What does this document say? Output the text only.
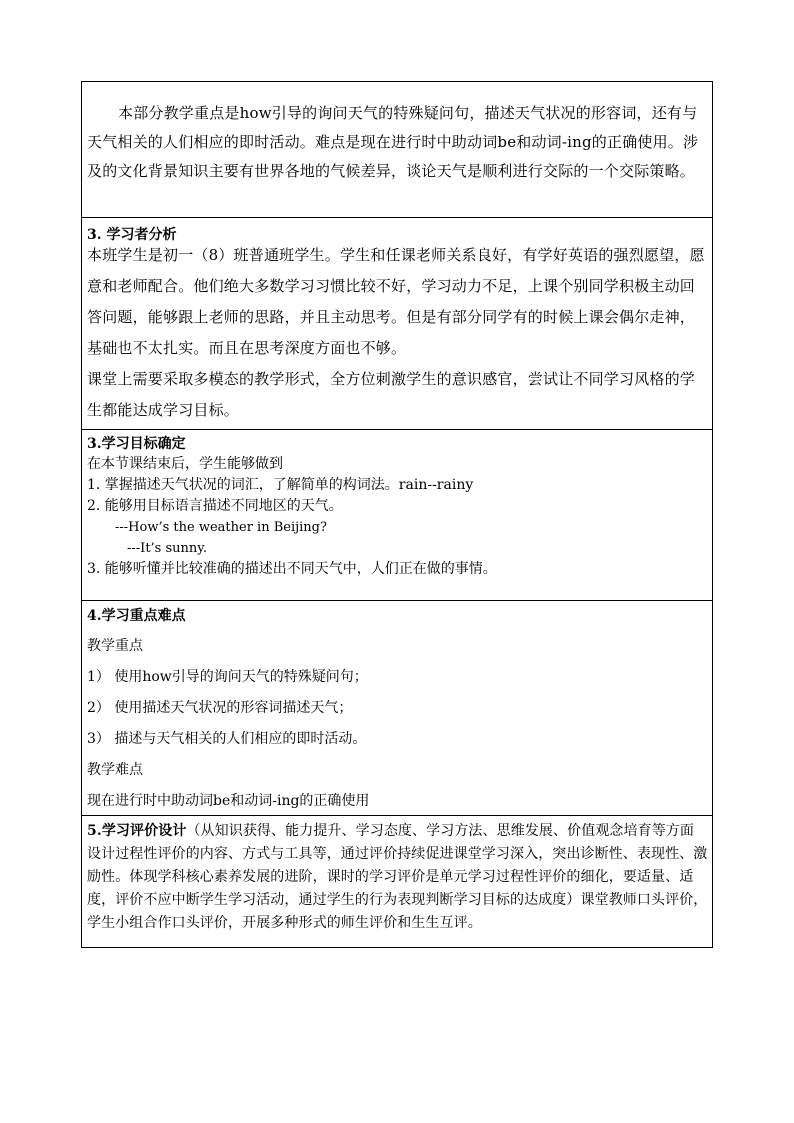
本部分教学重点是how引导的询问天气的特殊疑问句，描述天气状况的形容词，还有与天气相关的人们相应的即时活动。难点是现在进行时中助动词be和动词-ing的正确使用。涉及的文化背景知识主要有世界各地的气候差异，谈论天气是顺利进行交际的一个交际策略。

3. 学习者分析

本班学生是初一（8）班普通班学生。学生和任课老师关系良好，有学好英语的强烈愿望，愿意和老师配合。他们绝大多数学习习惯比较不好，学习动力不足，上课个别同学积极主动回答问题，能够跟上老师的思路，并且主动思考。但是有部分同学有的时候上课会偶尔走神，基础也不太扎实。而且在思考深度方面也不够。

课堂上需要采取多模态的教学形式，全方位刺激学生的意识感官，尝试让不同学习风格的学生都能达成学习目标。

3.学习目标确定

在本节课结束后，学生能够做到

1. 掌握描述天气状况的词汇，了解简单的构词法。rain--rainy

2. 能够用目标语言描述不同地区的天气。

---How’s the weather in Beijing?

---It’s sunny.

3. 能够听懂并比较准确的描述出不同天气中，人们正在做的事情。

4.学习重点难点

教学重点

1） 使用how引导的询问天气的特殊疑问句；

2） 使用描述天气状况的形容词描述天气；

3） 描述与天气相关的人们相应的即时活动。

教学难点

现在进行时中助动词be和动词-ing的正确使用

5.学习评价设计（从知识获得、能力提升、学习态度、学习方法、思维发展、价值观念培育等方面设计过程性评价的内容、方式与工具等，通过评价持续促进课堂学习深入，突出诊断性、表现性、激励性。体现学科核心素养发展的进阶，课时的学习评价是单元学习过程性评价的细化，要适量、适度，评价不应中断学生学习活动，通过学生的行为表现判断学习目标的达成度）课堂教师口头评价，学生小组合作口头评价，开展多种形式的师生评价和生生互评。
